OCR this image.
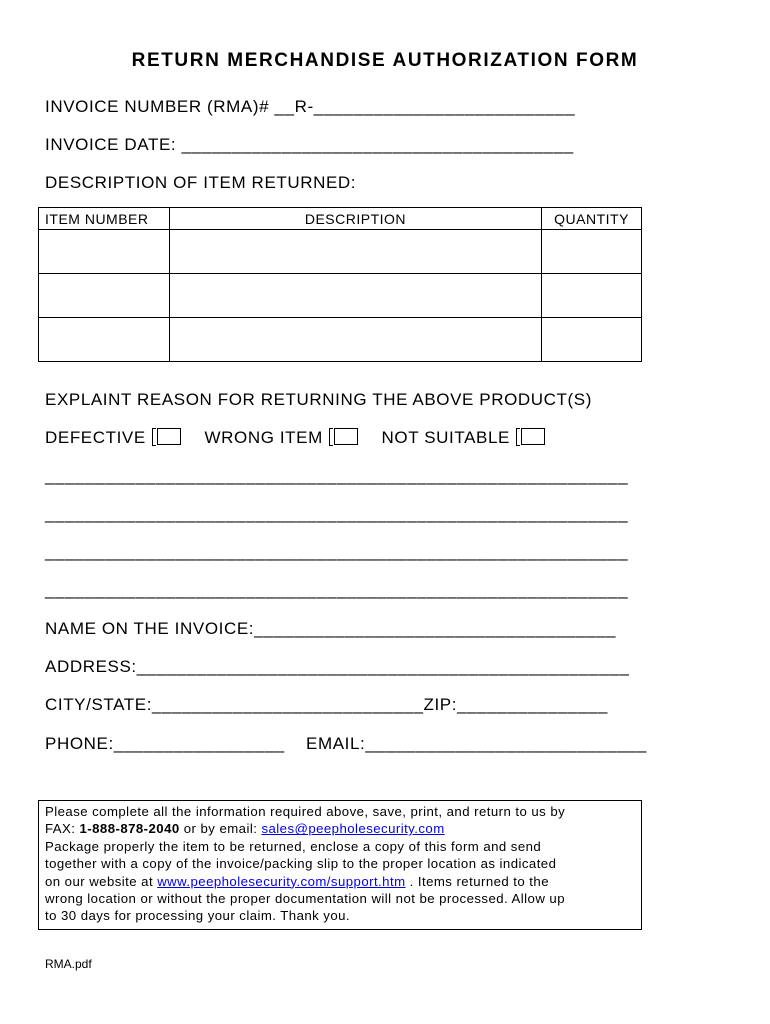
RETURN MERCHANDISE AUTHORIZATION FORM
INVOICE NUMBER (RMA)# __R-__________________________
INVOICE DATE: _______________________________________
DESCRIPTION OF ITEM RETURNED:
ITEM NUMBER	DESCRIPTION	QUANTITY

EXPLAINT REASON FOR RETURNING THE ABOVE PRODUCT(S)
DEFECTIVE	WRONG ITEM	NOT SUITABLE
__________________________________________________________
__________________________________________________________
__________________________________________________________
__________________________________________________________
NAME ON THE INVOICE:____________________________________
ADDRESS:_________________________________________________
CITY/STATE:___________________________ZIP:_______________
PHONE:_________________ EMAIL:____________________________
Please complete all the information required above, save, print, and return to us by
FAX: 1-888-878-2040 or by email: sales@peepholesecurity.com
Package properly the item to be returned, enclose a copy of this form and send
together with a copy of the invoice/packing slip to the proper location as indicated
on our website at www.peepholesecurity.com/support.htm . Items returned to the
wrong location or without the proper documentation will not be processed. Allow up
to 30 days for processing your claim. Thank you.
RMA.pdf
